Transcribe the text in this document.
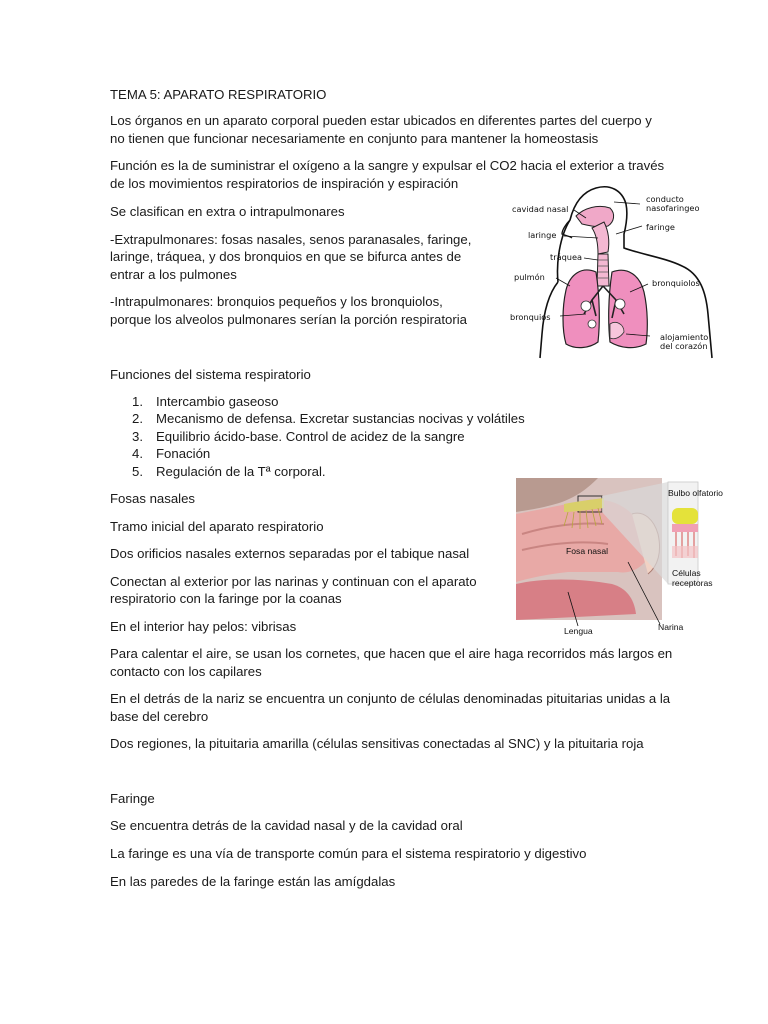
TEMA 5: APARATO RESPIRATORIO
Los órganos en un aparato corporal pueden estar ubicados en diferentes partes del cuerpo y
no tienen que funcionar necesariamente en conjunto para mantener la homeostasis
Función es la de suministrar el oxígeno a la sangre y expulsar el CO2 hacia el exterior a través
de los movimientos respiratorios de inspiración y espiración
Se clasifican en extra o intrapulmonares
-Extrapulmonares: fosas nasales, senos paranasales, faringe,
laringe, tráquea, y dos bronquios en que se bifurca antes de
entrar a los pulmones
-Intrapulmonares: bronquios pequeños y los bronquiolos,
porque los alveolos pulmonares serían la porción respiratoria
Funciones del sistema respiratorio
1. Intercambio gaseoso
2. Mecanismo de defensa. Excretar sustancias nocivas y volátiles
3. Equilibrio ácido-base. Control de acidez de la sangre
4. Fonación
5. Regulación de la Tª corporal.
Fosas nasales
Tramo inicial del aparato respiratorio
Dos orificios nasales externos separadas por el tabique nasal
Conectan al exterior por las narinas y continuan con el aparato
respiratorio con la faringe por la coanas
En el interior hay pelos: vibrisas
Para calentar el aire, se usan los cornetes, que hacen que el aire haga recorridos más largos en
contacto con los capilares
En el detrás de la nariz se encuentra un conjunto de células denominadas pituitarias unidas a la
base del cerebro
Dos regiones, la pituitaria amarilla (células sensitivas conectadas al SNC) y la pituitaria roja
Faringe
Se encuentra detrás de la cavidad nasal y de la cavidad oral
La faringe es una vía de transporte común para el sistema respiratorio y digestivo
En las paredes de la faringe están las amígdalas
cavidad nasal
conducto
nasofaringeo
faringe
laringe
tráquea
pulmón
bronquiolos
bronquios
alojamiento
del corazón
Bulbo olfatorio
Fosa nasal
Células
receptoras
Lengua	Narina
